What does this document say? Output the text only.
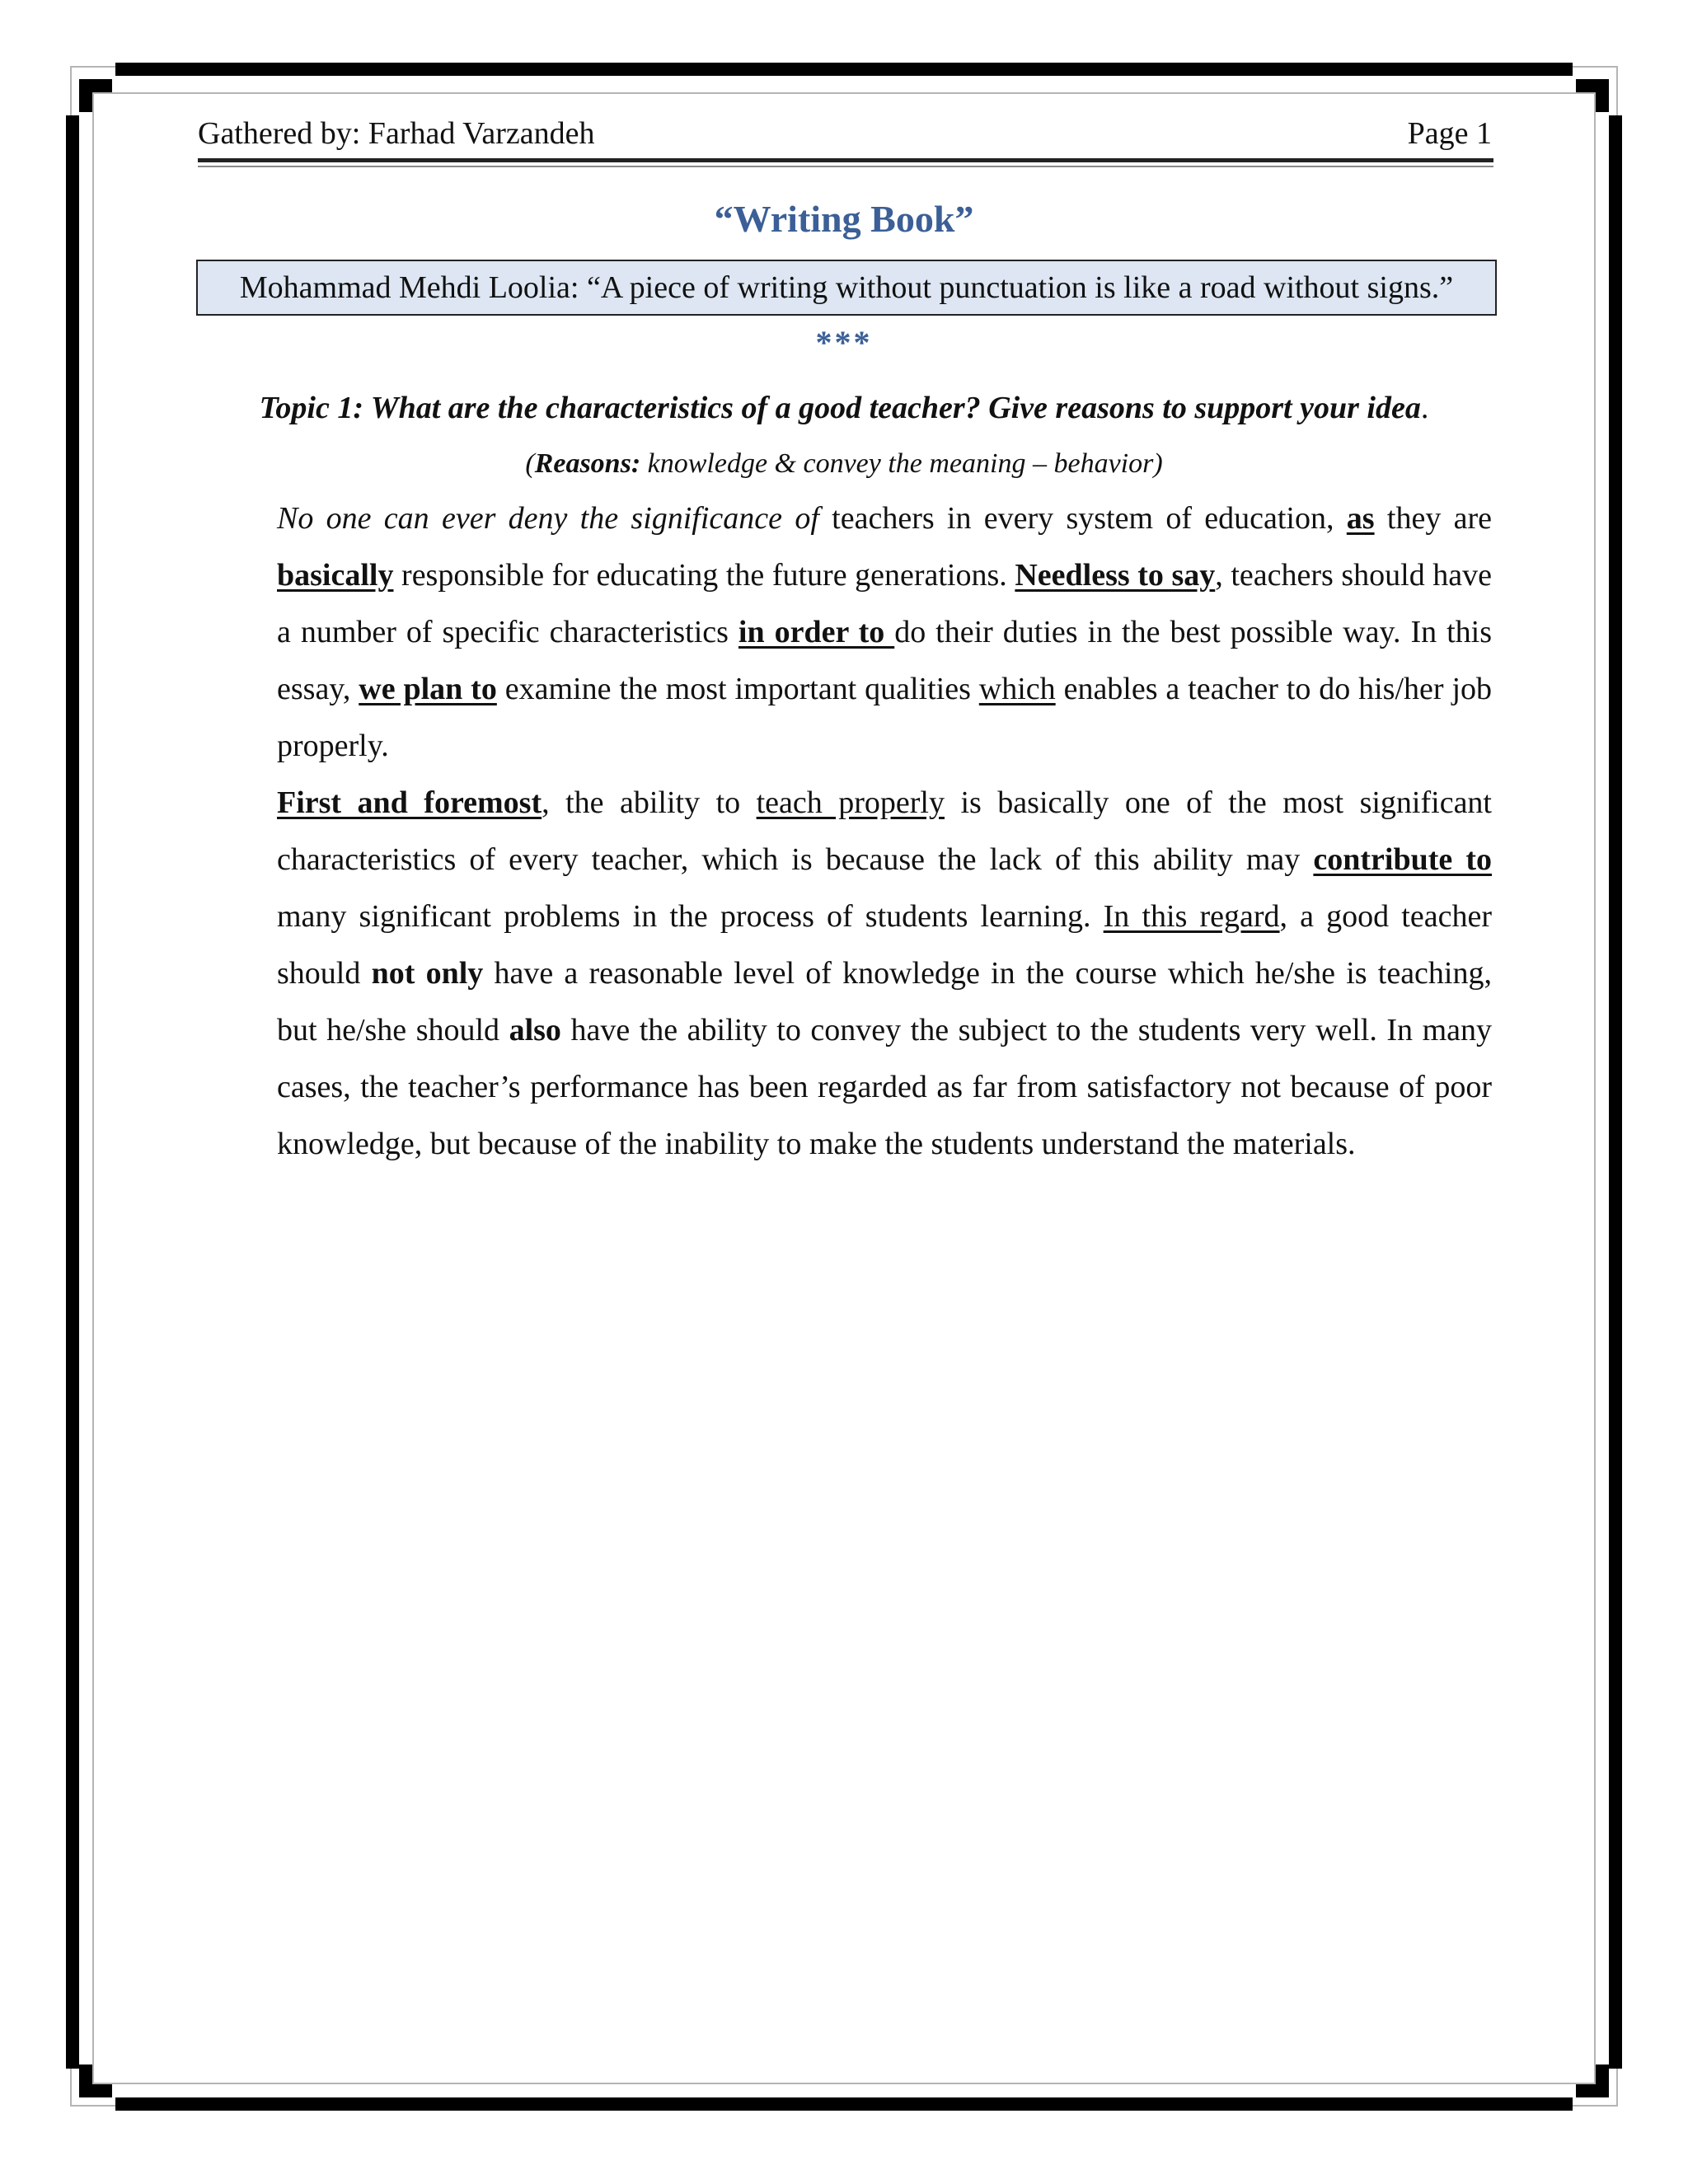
Gathered by: Farhad Varzandeh	Page 1
“Writing Book”
Mohammad Mehdi Loolia: “A piece of writing without punctuation is like a road without signs.”
***
Topic 1: What are the characteristics of a good teacher? Give reasons to support your idea.
(Reasons: knowledge & convey the meaning – behavior)

No one can ever deny the significance of teachers in every system of education, as they are basically responsible for educating the future generations. Needless to say, teachers should have a number of specific characteristics in order to do their duties in the best possible way. In this essay, we plan to examine the most important qualities which enables a teacher to do his/her job properly.

First and foremost, the ability to teach properly is basically one of the most significant characteristics of every teacher, which is because the lack of this ability may contribute to many significant problems in the process of students learning. In this regard, a good teacher should not only have a reasonable level of knowledge in the course which he/she is teaching, but he/she should also have the ability to convey the subject to the students very well. In many cases, the teacher’s performance has been regarded as far from satisfactory not because of poor knowledge, but because of the inability to make the students understand the materials.
